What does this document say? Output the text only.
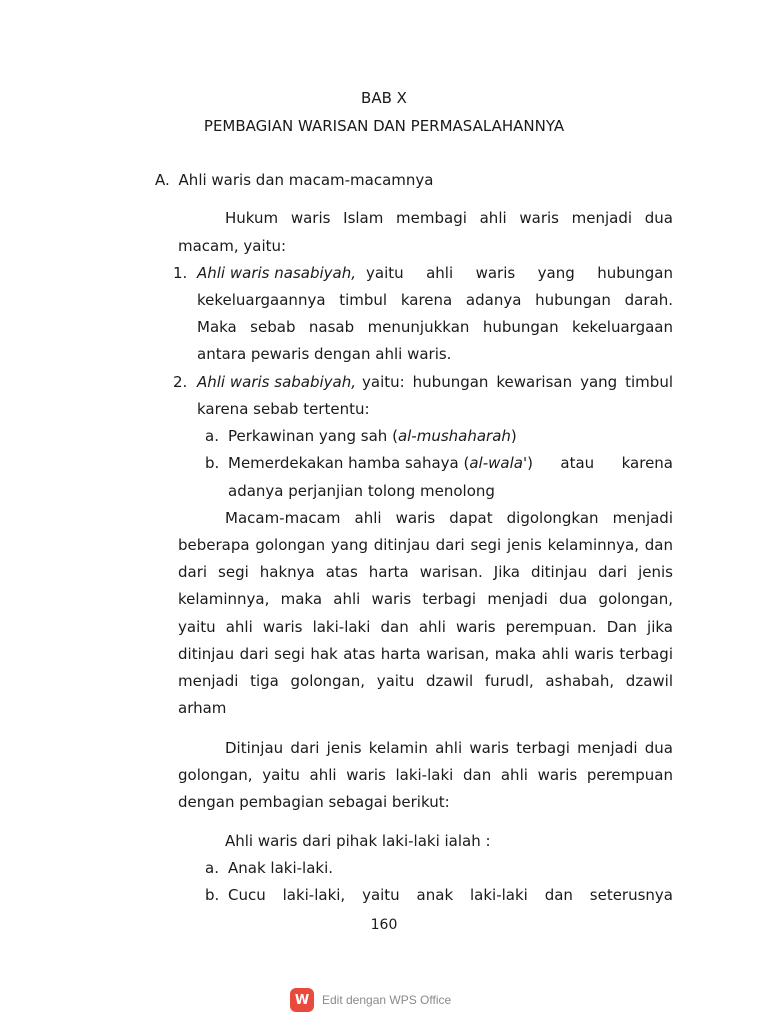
BAB X
PEMBAGIAN WARISAN DAN PERMASALAHANNYA
A. Ahli waris dan macam-macamnya
Hukum waris Islam membagi ahli waris menjadi dua
macam, yaitu:
1. Ahli waris nasabiyah, yaitu ahli waris yang hubungan
kekeluargaannya timbul karena adanya hubungan darah.
Maka sebab nasab menunjukkan hubungan kekeluargaan
antara pewaris dengan ahli waris.
2. Ahli waris sababiyah, yaitu: hubungan kewarisan yang timbul
karena sebab tertentu:
a. Perkawinan yang sah (al-mushaharah)
b. Memerdekakan hamba sahaya ( al-wala' ) atau karena
adanya perjanjian tolong menolong
Macam-macam ahli waris dapat digolongkan menjadi
beberapa golongan yang ditinjau dari segi jenis kelaminnya, dan
dari segi haknya atas harta warisan. Jika ditinjau dari jenis
kelaminnya, maka ahli waris terbagi menjadi dua golongan,
yaitu ahli waris laki-laki dan ahli waris perempuan. Dan jika
ditinjau dari segi hak atas harta warisan, maka ahli waris terbagi
menjadi tiga golongan, yaitu dzawil furudl, ashabah, dzawil
arham
Ditinjau dari jenis kelamin ahli waris terbagi menjadi dua
golongan, yaitu ahli waris laki-laki dan ahli waris perempuan
dengan pembagian sebagai berikut:
Ahli waris dari pihak laki-laki ialah :
a. Anak laki-laki.
b. Cucu laki-laki, yaitu anak laki-laki dan seterusnya
160
W	Edit dengan WPS Office
